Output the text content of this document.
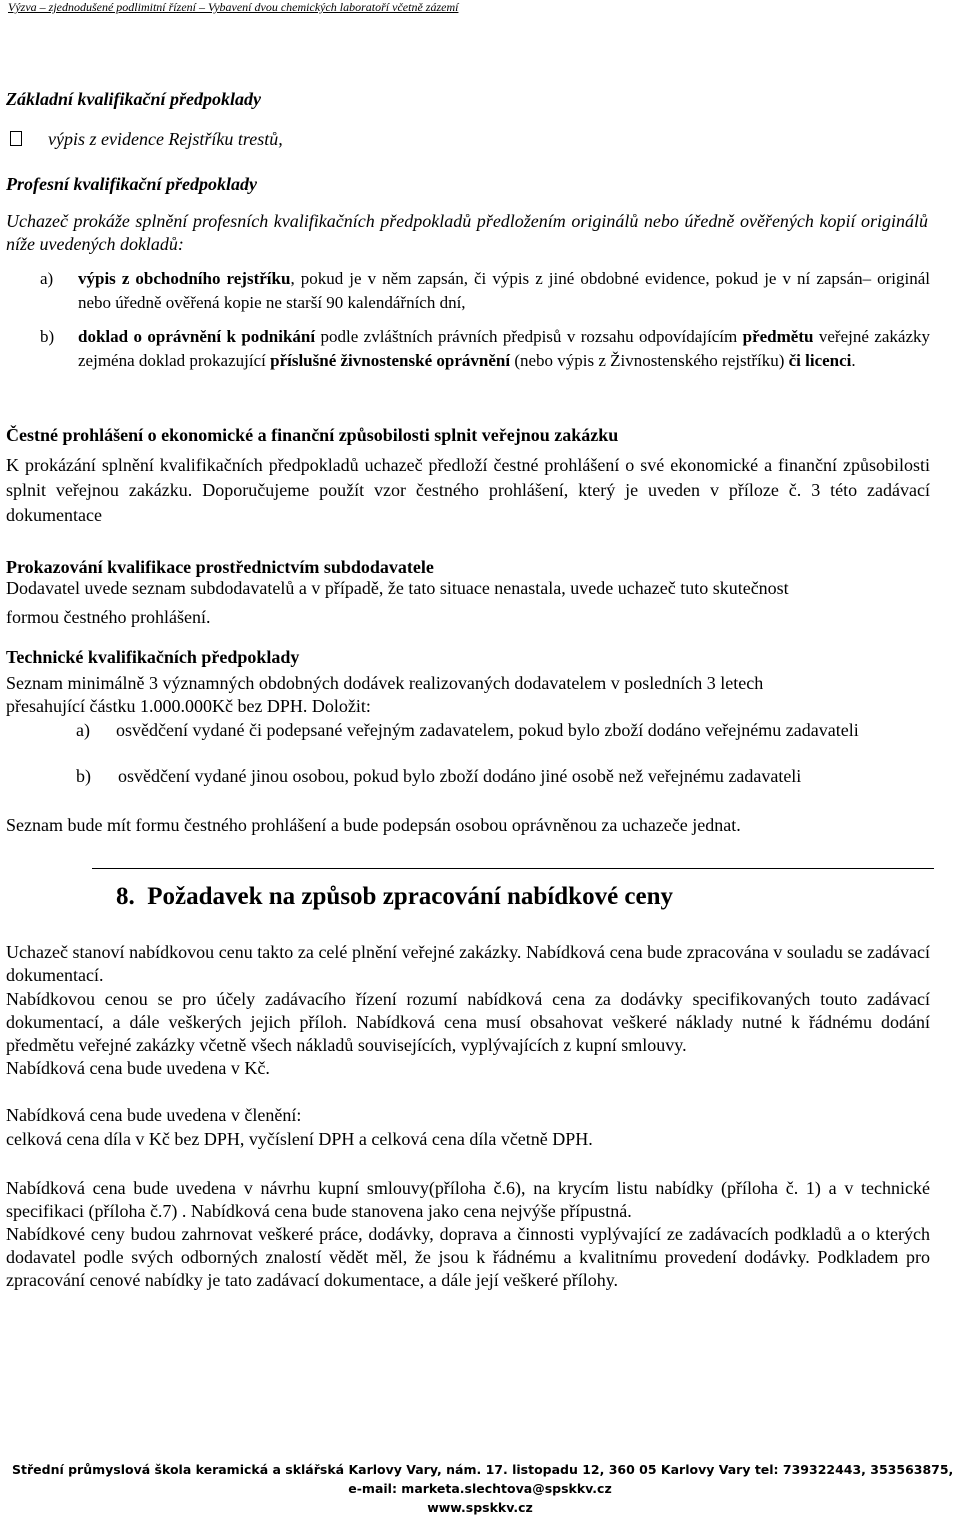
Výzva – zjednodušené podlimitní řízení – Vybavení dvou chemických laboratoří včetně zázemí
Základní kvalifikační předpoklady
výpis z evidence Rejstříku trestů,
Profesní kvalifikační předpoklady
Uchazeč prokáže splnění profesních kvalifikačních předpokladů předložením originálů nebo úředně ověřených kopií originálů níže uvedených dokladů:
a) výpis z obchodního rejstříku, pokud je v něm zapsán, či výpis z jiné obdobné evidence, pokud je v ní zapsán– originál nebo úředně ověřená kopie ne starší 90 kalendářních dní,
b) doklad o oprávnění k podnikání podle zvláštních právních předpisů v rozsahu odpovídajícím předmětu veřejné zakázky zejména doklad prokazující příslušné živnostenské oprávnění (nebo výpis z Živnostenského rejstříku) či licenci.
Čestné prohlášení o ekonomické a finanční způsobilosti splnit veřejnou zakázku
K prokázání splnění kvalifikačních předpokladů uchazeč předloží čestné prohlášení o své ekonomické a finanční způsobilosti splnit veřejnou zakázku. Doporučujeme použít vzor čestného prohlášení, který je uveden v příloze č. 3 této zadávací dokumentace
Prokazování kvalifikace prostřednictvím subdodavatele
Dodavatel uvede seznam subdodavatelů a v případě, že tato situace nenastala, uvede uchazeč tuto skutečnost
formou čestného prohlášení.
Technické kvalifikačních předpoklady
Seznam minimálně 3 významných obdobných dodávek realizovaných dodavatelem v posledních 3 letech
přesahující částku 1.000.000Kč bez DPH. Doložit:
a) osvědčení vydané či podepsané veřejným zadavatelem, pokud bylo zboží dodáno veřejnému zadavateli
b) osvědčení vydané jinou osobou, pokud bylo zboží dodáno jiné osobě než veřejnému zadavateli
Seznam bude mít formu čestného prohlášení a bude podepsán osobou oprávněnou za uchazeče jednat.
8. Požadavek na způsob zpracování nabídkové ceny
Uchazeč stanoví nabídkovou cenu takto za celé plnění veřejné zakázky. Nabídková cena bude zpracována v souladu se zadávací dokumentací.
Nabídkovou cenou se pro účely zadávacího řízení rozumí nabídková cena za dodávky specifikovaných touto zadávací dokumentací, a dále veškerých jejich příloh. Nabídková cena musí obsahovat veškeré náklady nutné k řádnému dodání předmětu veřejné zakázky včetně všech nákladů souvisejících, vyplývajících z kupní smlouvy.
Nabídková cena bude uvedena v Kč.
Nabídková cena bude uvedena v členění:
celková cena díla v Kč bez DPH, vyčíslení DPH a celková cena díla včetně DPH.
Nabídková cena bude uvedena v návrhu kupní smlouvy(příloha č.6), na krycím listu nabídky (příloha č. 1) a v technické specifikaci (příloha č.7) . Nabídková cena bude stanovena jako cena nejvýše přípustná.
Nabídkové ceny budou zahrnovat veškeré práce, dodávky, doprava a činnosti vyplývající ze zadávacích podkladů a o kterých dodavatel podle svých odborných znalostí vědět měl, že jsou k řádnému a kvalitnímu provedení dodávky. Podkladem pro zpracování cenové nabídky je tato zadávací dokumentace, a dále její veškeré přílohy.
Střední průmyslová škola keramická a sklářská Karlovy Vary, nám. 17. listopadu 12, 360 05 Karlovy Vary tel: 739322443, 353563875,
e-mail: marketa.slechtova@spskkv.cz
www.spskkv.cz
